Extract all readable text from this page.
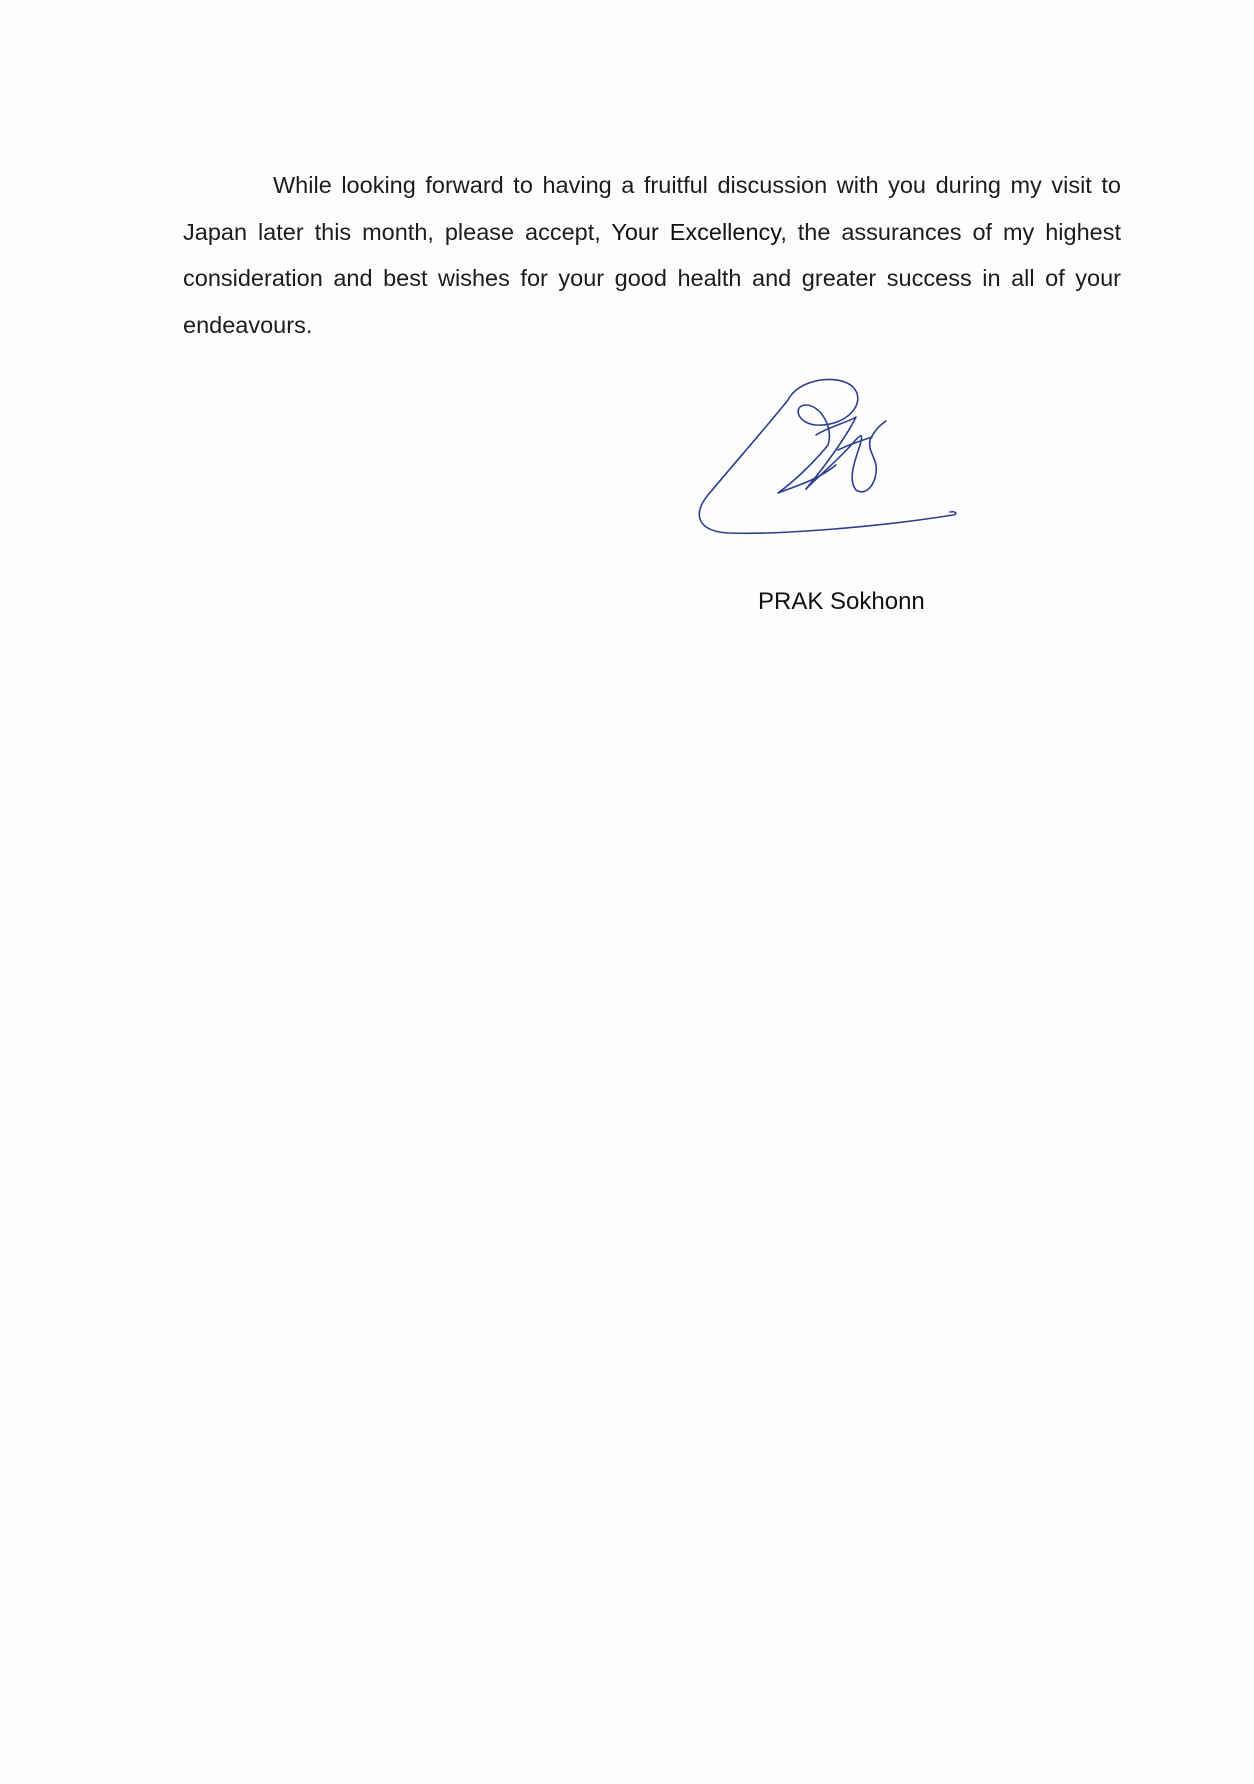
While looking forward to having a fruitful discussion with you during my visit to Japan later this month, please accept, Your Excellency, the assurances of my highest consideration and best wishes for your good health and greater success in all of your endeavours.

PRAK Sokhonn
